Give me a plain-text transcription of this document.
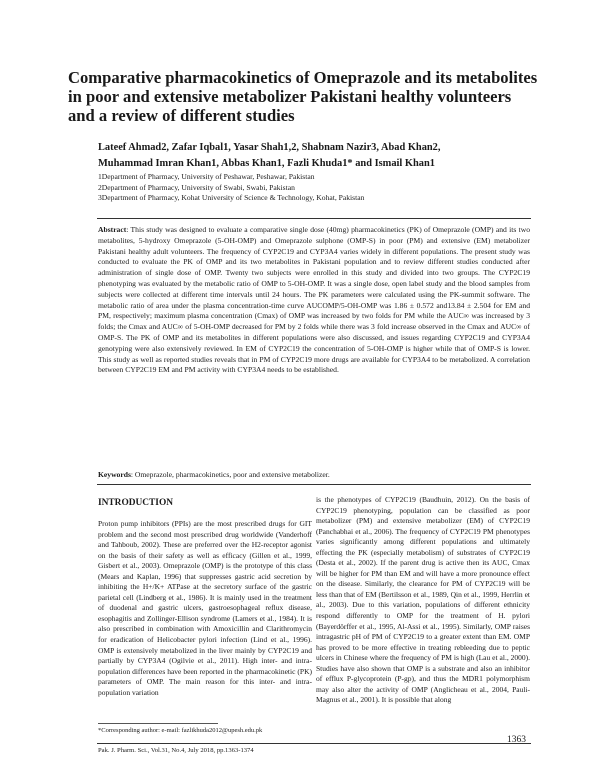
Comparative pharmacokinetics of Omeprazole and its metabolites in poor and extensive metabolizer Pakistani healthy volunteers and a review of different studies
Lateef Ahmad2, Zafar Iqbal1, Yasar Shah1,2, Shabnam Nazir3, Abad Khan2,
Muhammad Imran Khan1, Abbas Khan1, Fazli Khuda1* and Ismail Khan1
1Department of Pharmacy, University of Peshawar, Peshawar, Pakistan
2Department of Pharmacy, University of Swabi, Swabi, Pakistan
3Department of Pharmacy, Kohat University of Science & Technology, Kohat, Pakistan

Abstract: This study was designed to evaluate a comparative single dose (40mg) pharmacokinetics (PK) of Omeprazole (OMP) and its two metabolites, 5-hydroxy Omeprazole (5-OH-OMP) and Omeprazole sulphone (OMP-S) in poor (PM) and extensive (EM) metabolizer Pakistani healthy adult volunteers. The frequency of CYP2C19 and CYP3A4 varies widely in different populations. The present study was conducted to evaluate the PK of OMP and its two metabolites in Pakistani population and to review different studies conducted after administration of single dose of OMP. Twenty two subjects were enrolled in this study and divided into two groups. The CYP2C19 phenotyping was evaluated by the metabolic ratio of OMP to 5-OH-OMP. It was a single dose, open label study and the blood samples from subjects were collected at different time intervals until 24 hours. The PK parameters were calculated using the PK-summit software. The metabolic ratio of area under the plasma concentration-time curve AUCOMP/5-OH-OMP was 1.86 ± 0.572 and13.84 ± 2.504 for EM and PM, respectively; maximum plasma concentration (Cmax) of OMP was increased by two folds for PM while the AUC∞ was increased by 3 folds; the Cmax and AUC∞ of 5-OH-OMP decreased for PM by 2 folds while there was 3 fold increase observed in the Cmax and AUC∞ of OMP-S. The PK of OMP and its metabolites in different populations were also discussed, and issues regarding CYP2C19 and CYP3A4 genotyping were also extensively reviewed. In EM of CYP2C19 the concentration of 5-OH-OMP is higher while that of OMP-S is lower. This study as well as reported studies reveals that in PM of CYP2C19 more drugs are available for CYP3A4 to be metabolized. A correlation between CYP2C19 EM and PM activity with CYP3A4 needs to be established.

Keywords: Omeprazole, pharmacokinetics, poor and extensive metabolizer.

INTRODUCTION

Proton pump inhibitors (PPIs) are the most prescribed drugs for GIT problem and the second most prescribed drug worldwide (Vanderhoff and Tahboub, 2002). These are preferred over the H2-receptor agonist on the basis of their safety as well as efficacy (Gillen et al., 1999, Gisbert et al., 2003). Omeprazole (OMP) is the prototype of this class (Mears and Kaplan, 1996) that suppresses gastric acid secretion by inhibiting the H+/K+ ATPase at the secretory surface of the gastric parietal cell (Lindberg et al., 1986). It is mainly used in the treatment of duodenal and gastric ulcers, gastroesophageal reflux disease, esophagitis and Zollinger-Ellison syndrome (Lamers et al., 1984). It is also prescribed in combination with Amoxicillin and Clarithromycin for eradication of Helicobacter pylori infection (Lind et al., 1996). OMP is extensively metabolized in the liver mainly by CYP2C19 and partially by CYP3A4 (Ogilvie et al., 2011). High inter- and intra-population differences have been reported in the pharmacokinetic (PK) parameters of OMP. The main reason for this inter- and intra-population variation

is the phenotypes of CYP2C19 (Baudhuin, 2012). On the basis of CYP2C19 phenotyping, population can be classified as poor metabolizer (PM) and extensive metabolizer (EM) of CYP2C19 (Panchabhai et al., 2006). The frequency of CYP2C19 PM phenotypes varies significantly among different populations and ultimately effecting the PK (especially metabolism) of substrates of CYP2C19 (Desta et al., 2002). If the parent drug is active then its AUC, Cmax will be higher for PM than EM and will have a more pronounce effect on the disease. Similarly, the clearance for PM of CYP2C19 will be less than that of EM (Bertilsson et al., 1989, Qin et al., 1999, Herrlin et al., 2003). Due to this variation, populations of different ethnicity respond differently to OMP for the treatment of H. pylori (Bayerdörffer et al., 1995, Al-Assi et al., 1995). Similarly, OMP raises intragastric pH of PM of CYP2C19 to a greater extent than EM. OMP has proved to be more effective in treating rebleeding due to peptic ulcers in Chinese where the frequency of PM is high (Lau et al., 2000). Studies have also shown that OMP is a substrate and also an inhibitor of efflux P-glycoprotein (P-gp), and thus the MDR1 polymorphism may also alter the activity of OMP (Anglicheau et al., 2004, Pauli-Magnus et al., 2001). It is possible that along

*Corresponding author: e-mail: fazlikhuda2012@upesh.edu.pk
1363
Pak. J. Pharm. Sci., Vol.31, No.4, July 2018, pp.1363-1374
